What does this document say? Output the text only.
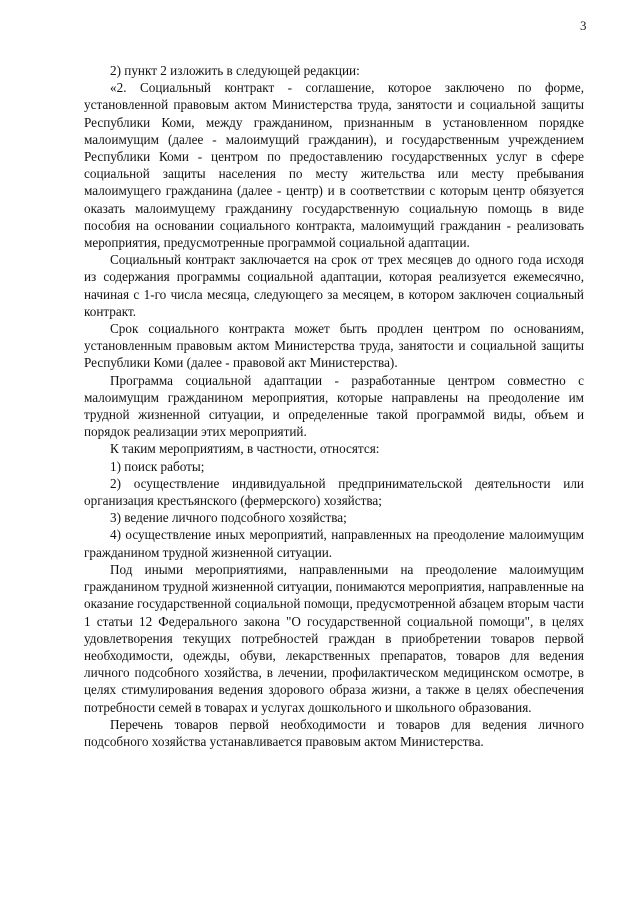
3

2) пункт 2 изложить в следующей редакции:

«2. Социальный контракт - соглашение, которое заключено по форме, установленной правовым актом Министерства труда, занятости и социальной защиты Республики Коми, между гражданином, признанным в установленном порядке малоимущим (далее - малоимущий гражданин), и государственным учреждением Республики Коми - центром по предоставлению государственных услуг в сфере социальной защиты населения по месту жительства или месту пребывания малоимущего гражданина (далее - центр) и в соответствии с которым центр обязуется оказать малоимущему гражданину государственную социальную помощь в виде пособия на основании социального контракта, малоимущий гражданин - реализовать мероприятия, предусмотренные программой социальной адаптации.

Социальный контракт заключается на срок от трех месяцев до одного года исходя из содержания программы социальной адаптации, которая реализуется ежемесячно, начиная с 1-го числа месяца, следующего за месяцем, в котором заключен социальный контракт.

Срок социального контракта может быть продлен центром по основаниям, установленным правовым актом Министерства труда, занятости и социальной защиты Республики Коми (далее - правовой акт Министерства).

Программа социальной адаптации - разработанные центром совместно с малоимущим гражданином мероприятия, которые направлены на преодоление им трудной жизненной ситуации, и определенные такой программой виды, объем и порядок реализации этих мероприятий.

К таким мероприятиям, в частности, относятся:

1) поиск работы;

2) осуществление индивидуальной предпринимательской деятельности или организация крестьянского (фермерского) хозяйства;

3) ведение личного подсобного хозяйства;

4) осуществление иных мероприятий, направленных на преодоление малоимущим гражданином трудной жизненной ситуации.

Под иными мероприятиями, направленными на преодоление малоимущим гражданином трудной жизненной ситуации, понимаются мероприятия, направленные на оказание государственной социальной помощи, предусмотренной абзацем вторым части 1 статьи 12 Федерального закона "О государственной социальной помощи", в целях удовлетворения текущих потребностей граждан в приобретении товаров первой необходимости, одежды, обуви, лекарственных препаратов, товаров для ведения личного подсобного хозяйства, в лечении, профилактическом медицинском осмотре, в целях стимулирования ведения здорового образа жизни, а также в целях обеспечения потребности семей в товарах и услугах дошкольного и школьного образования.

Перечень товаров первой необходимости и товаров для ведения личного подсобного хозяйства устанавливается правовым актом Министерства.
